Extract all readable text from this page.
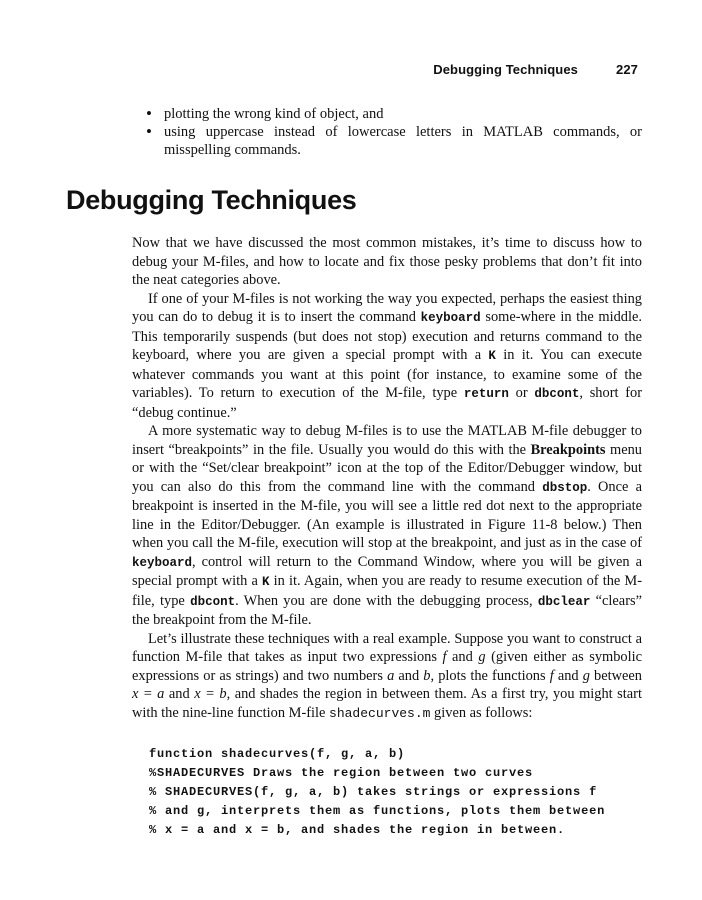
Debugging Techniques	227
• plotting the wrong kind of object, and
• using uppercase instead of lowercase letters in MATLAB commands, or misspelling commands.
Debugging Techniques

Now that we have discussed the most common mistakes, it’s time to discuss how to debug your M-files, and how to locate and fix those pesky problems that don’t fit into the neat categories above.

If one of your M-files is not working the way you expected, perhaps the easiest thing you can do to debug it is to insert the command keyboard some-where in the middle. This temporarily suspends (but does not stop) execution and returns command to the keyboard, where you are given a special prompt with a K in it. You can execute whatever commands you want at this point (for instance, to examine some of the variables). To return to execution of the M-file, type return or dbcont, short for “debug continue.”

A more systematic way to debug M-files is to use the MATLAB M-file debugger to insert “breakpoints” in the file. Usually you would do this with the Breakpoints menu or with the “Set/clear breakpoint” icon at the top of the Editor/Debugger window, but you can also do this from the command line with the command dbstop. Once a breakpoint is inserted in the M-file, you will see a little red dot next to the appropriate line in the Editor/Debugger. (An example is illustrated in Figure 11-8 below.) Then when you call the M-file, execution will stop at the breakpoint, and just as in the case of keyboard, control will return to the Command Window, where you will be given a special prompt with a K in it. Again, when you are ready to resume execution of the M-file, type dbcont. When you are done with the debugging process, dbclear “clears” the breakpoint from the M-file.

Let’s illustrate these techniques with a real example. Suppose you want to construct a function M-file that takes as input two expressions f and g (given either as symbolic expressions or as strings) and two numbers a and b, plots the functions f and g between x = a and x = b, and shades the region in between them. As a first try, you might start with the nine-line function M-file shadecurves.m given as follows:

function shadecurves(f, g, a, b)
%SHADECURVES Draws the region between two curves
% SHADECURVES(f, g, a, b) takes strings or expressions f
% and g, interprets them as functions, plots them between
% x = a and x = b, and shades the region in between.
